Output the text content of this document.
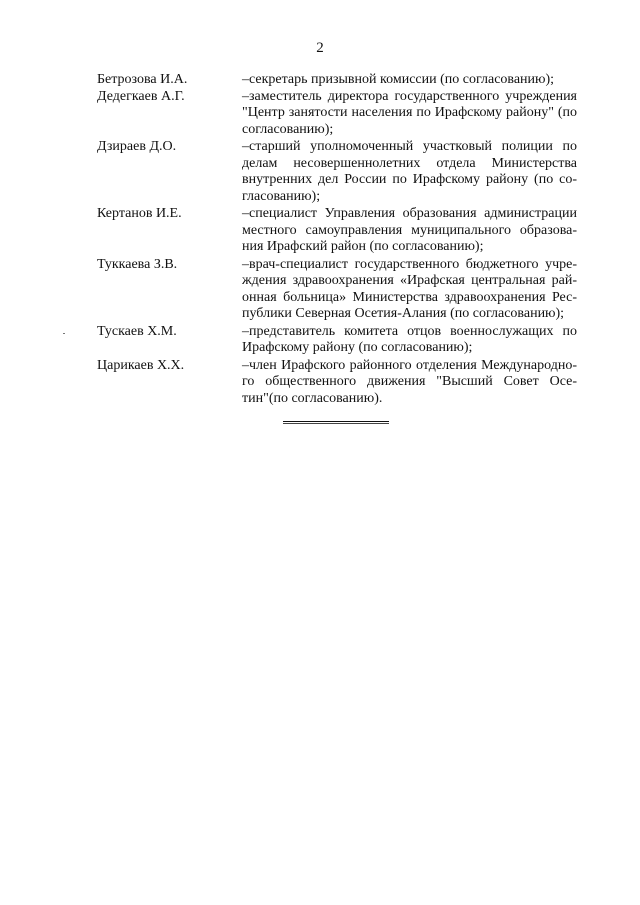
2
Бетрозова И.А.	–секретарь призывной комиссии (по согласованию);
Дедегкаев А.Г.	–заместитель директора государственного учреждения
"Центр занятости населения по Ирафскому району" (по
согласованию);
Дзираев Д.О.	–старший уполномоченный участковый полиции по
делам несовершеннолетних отдела Министерства
внутренних дел России по Ирафскому району (по со-
гласованию);
Кертанов И.Е.	–специалист Управления образования администрации
местного самоуправления муниципального образова-
ния Ирафский район (по согласованию);
Туккаева З.В.	–врач-специалист государственного бюджетного учре-
ждения здравоохранения «Ирафская центральная рай-
онная больница» Министерства здравоохранения Рес-
публики Северная Осетия-Алания (по согласованию);
Тускаев Х.М.	–представитель комитета отцов военнослужащих по
Ирафскому району (по согласованию);
Царикаев Х.Х.	–член Ирафского районного отделения Международно-
го общественного движения "Высший Совет Осе-
тин"(по согласованию).
